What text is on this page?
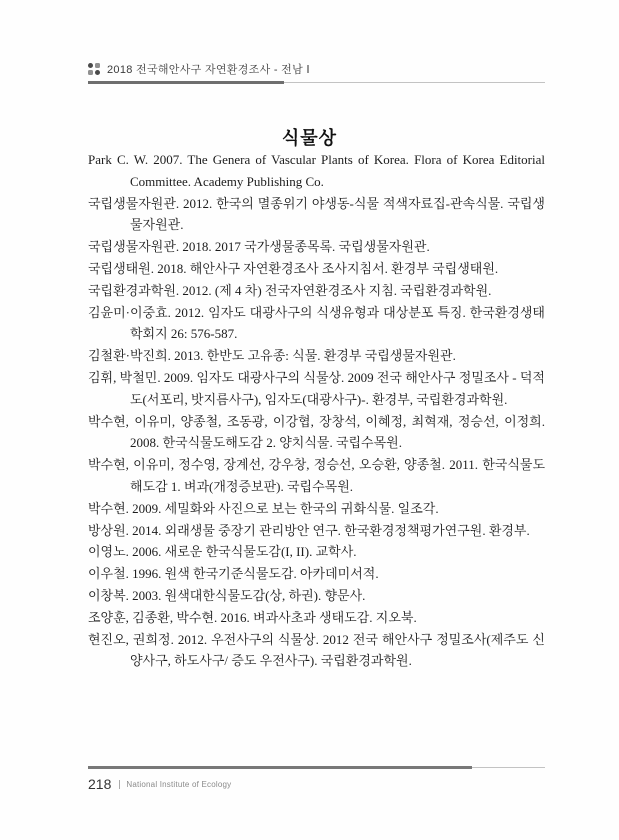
2018 전국해안사구 자연환경조사 - 전남 Ⅰ
식물상

Park C. W. 2007. The Genera of Vascular Plants of Korea. Flora of Korea Editorial Committee. Academy Publishing Co.

국립생물자원관. 2012. 한국의 멸종위기 야생동-식물 적색자료집-관속식물. 국립생물자원관.

국립생물자원관. 2018. 2017 국가생물종목록. 국립생물자원관.

국립생태원. 2018. 해안사구 자연환경조사 조사지침서. 환경부 국립생태원.

국립환경과학원. 2012. (제 4 차) 전국자연환경조사 지침. 국립환경과학원.

김윤미·이중효. 2012. 임자도 대광사구의 식생유형과 대상분포 특징. 한국환경생태학회지 26: 576-587.

김철환·박진희. 2013. 한반도 고유종: 식물. 환경부 국립생물자원관.

김휘, 박철민. 2009. 임자도 대광사구의 식물상. 2009 전국 해안사구 정밀조사 - 덕적도(서포리, 밧지름사구), 임자도(대광사구)-. 환경부, 국립환경과학원.

박수현, 이유미, 양종철, 조동광, 이강협, 장창석, 이혜정, 최혁재, 정승선, 이정희. 2008. 한국식물도해도감 2. 양치식물. 국립수목원.

박수현, 이유미, 정수영, 장계선, 강우창, 정승선, 오승환, 양종철. 2011. 한국식물도해도감 1. 벼과(개정증보판). 국립수목원.

박수현. 2009. 세밀화와 사진으로 보는 한국의 귀화식물. 일조각.

방상원. 2014. 외래생물 중장기 관리방안 연구. 한국환경정책평가연구원. 환경부.

이영노. 2006. 새로운 한국식물도감(I, II). 교학사.

이우철. 1996. 원색 한국기준식물도감. 아카데미서적.

이창복. 2003. 원색대한식물도감(상, 하권). 향문사.

조양훈, 김종환, 박수현. 2016. 벼과사초과 생태도감. 지오북.

현진오, 권희정. 2012. 우전사구의 식물상. 2012 전국 해안사구 정밀조사(제주도 신양사구, 하도사구/ 증도 우전사구). 국립환경과학원.

218 National Institute of Ecology
